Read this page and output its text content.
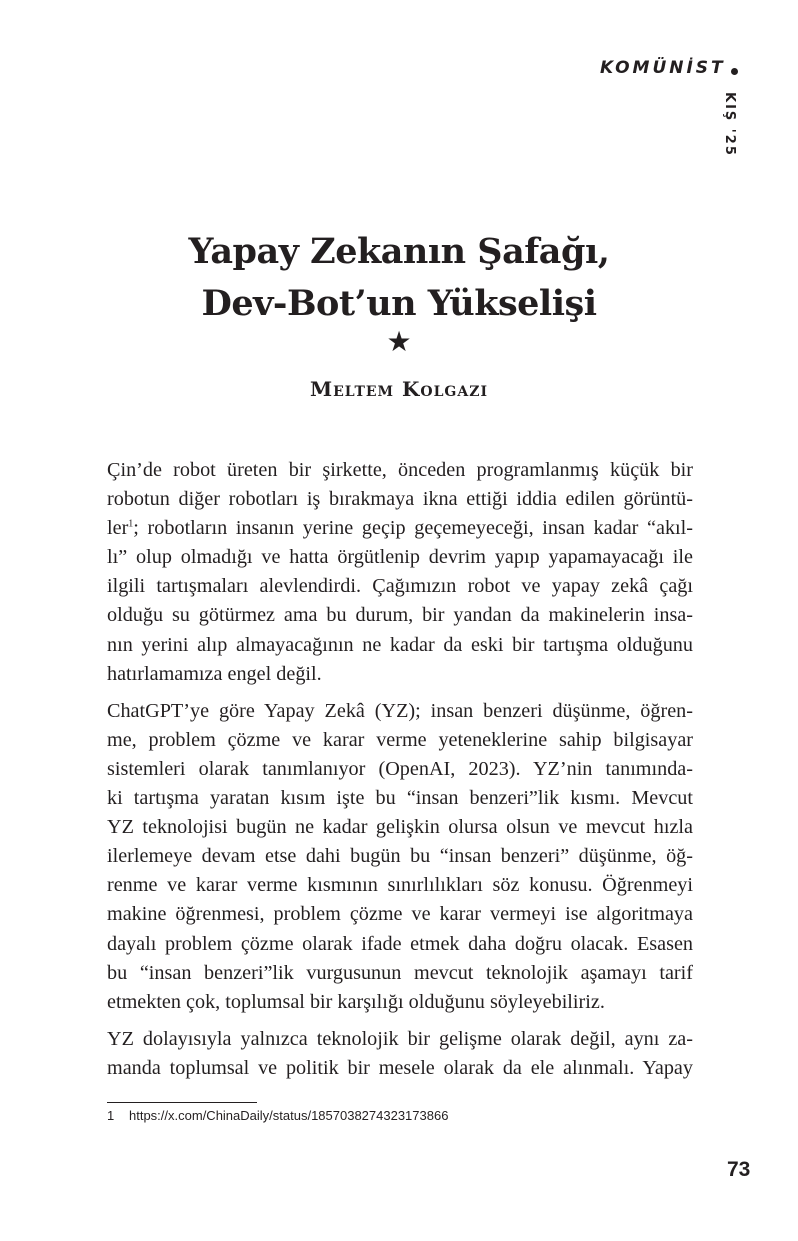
KOMÜNİST
KIŞ '25
Yapay Zekanın Şafağı,
Dev-Bot’un Yükselişi
★
Meltem Kolgazi

Çin’de robot üreten bir şirkette, önceden programlanmış küçük bir
robotun diğer robotları iş bırakmaya ikna ettiği iddia edilen görüntü-
ler$^1$; robotların insanın yerine geçip geçemeyeceği, insan kadar “akıl-
lı” olup olmadığı ve hatta örgütlenip devrim yapıp yapamayacağı ile
ilgili tartışmaları alevlendirdi. Çağımızın robot ve yapay zekâ çağı
olduğu su götürmez ama bu durum, bir yandan da makinelerin insa-
nın yerini alıp almayacağının ne kadar da eski bir tartışma olduğunu
hatırlamamıza engel değil.

ChatGPT’ye göre Yapay Zekâ (YZ); insan benzeri düşünme, öğren-
me, problem çözme ve karar verme yeteneklerine sahip bilgisayar
sistemleri olarak tanımlanıyor (OpenAI, 2023). YZ’nin tanımında-
ki tartışma yaratan kısım işte bu “insan benzeri”lik kısmı. Mevcut
YZ teknolojisi bugün ne kadar gelişkin olursa olsun ve mevcut hızla
ilerlemeye devam etse dahi bugün bu “insan benzeri” düşünme, öğ-
renme ve karar verme kısmının sınırlılıkları söz konusu. Öğrenmeyi
makine öğrenmesi, problem çözme ve karar vermeyi ise algoritmaya
dayalı problem çözme olarak ifade etmek daha doğru olacak. Esasen
bu “insan benzeri”lik vurgusunun mevcut teknolojik aşamayı tarif
etmekten çok, toplumsal bir karşılığı olduğunu söyleyebiliriz.

YZ dolayısıyla yalnızca teknolojik bir gelişme olarak değil, aynı za-
manda toplumsal ve politik bir mesele olarak da ele alınmalı. Yapay

1 https://x.com/ChinaDaily/status/1857038274323173866
73
